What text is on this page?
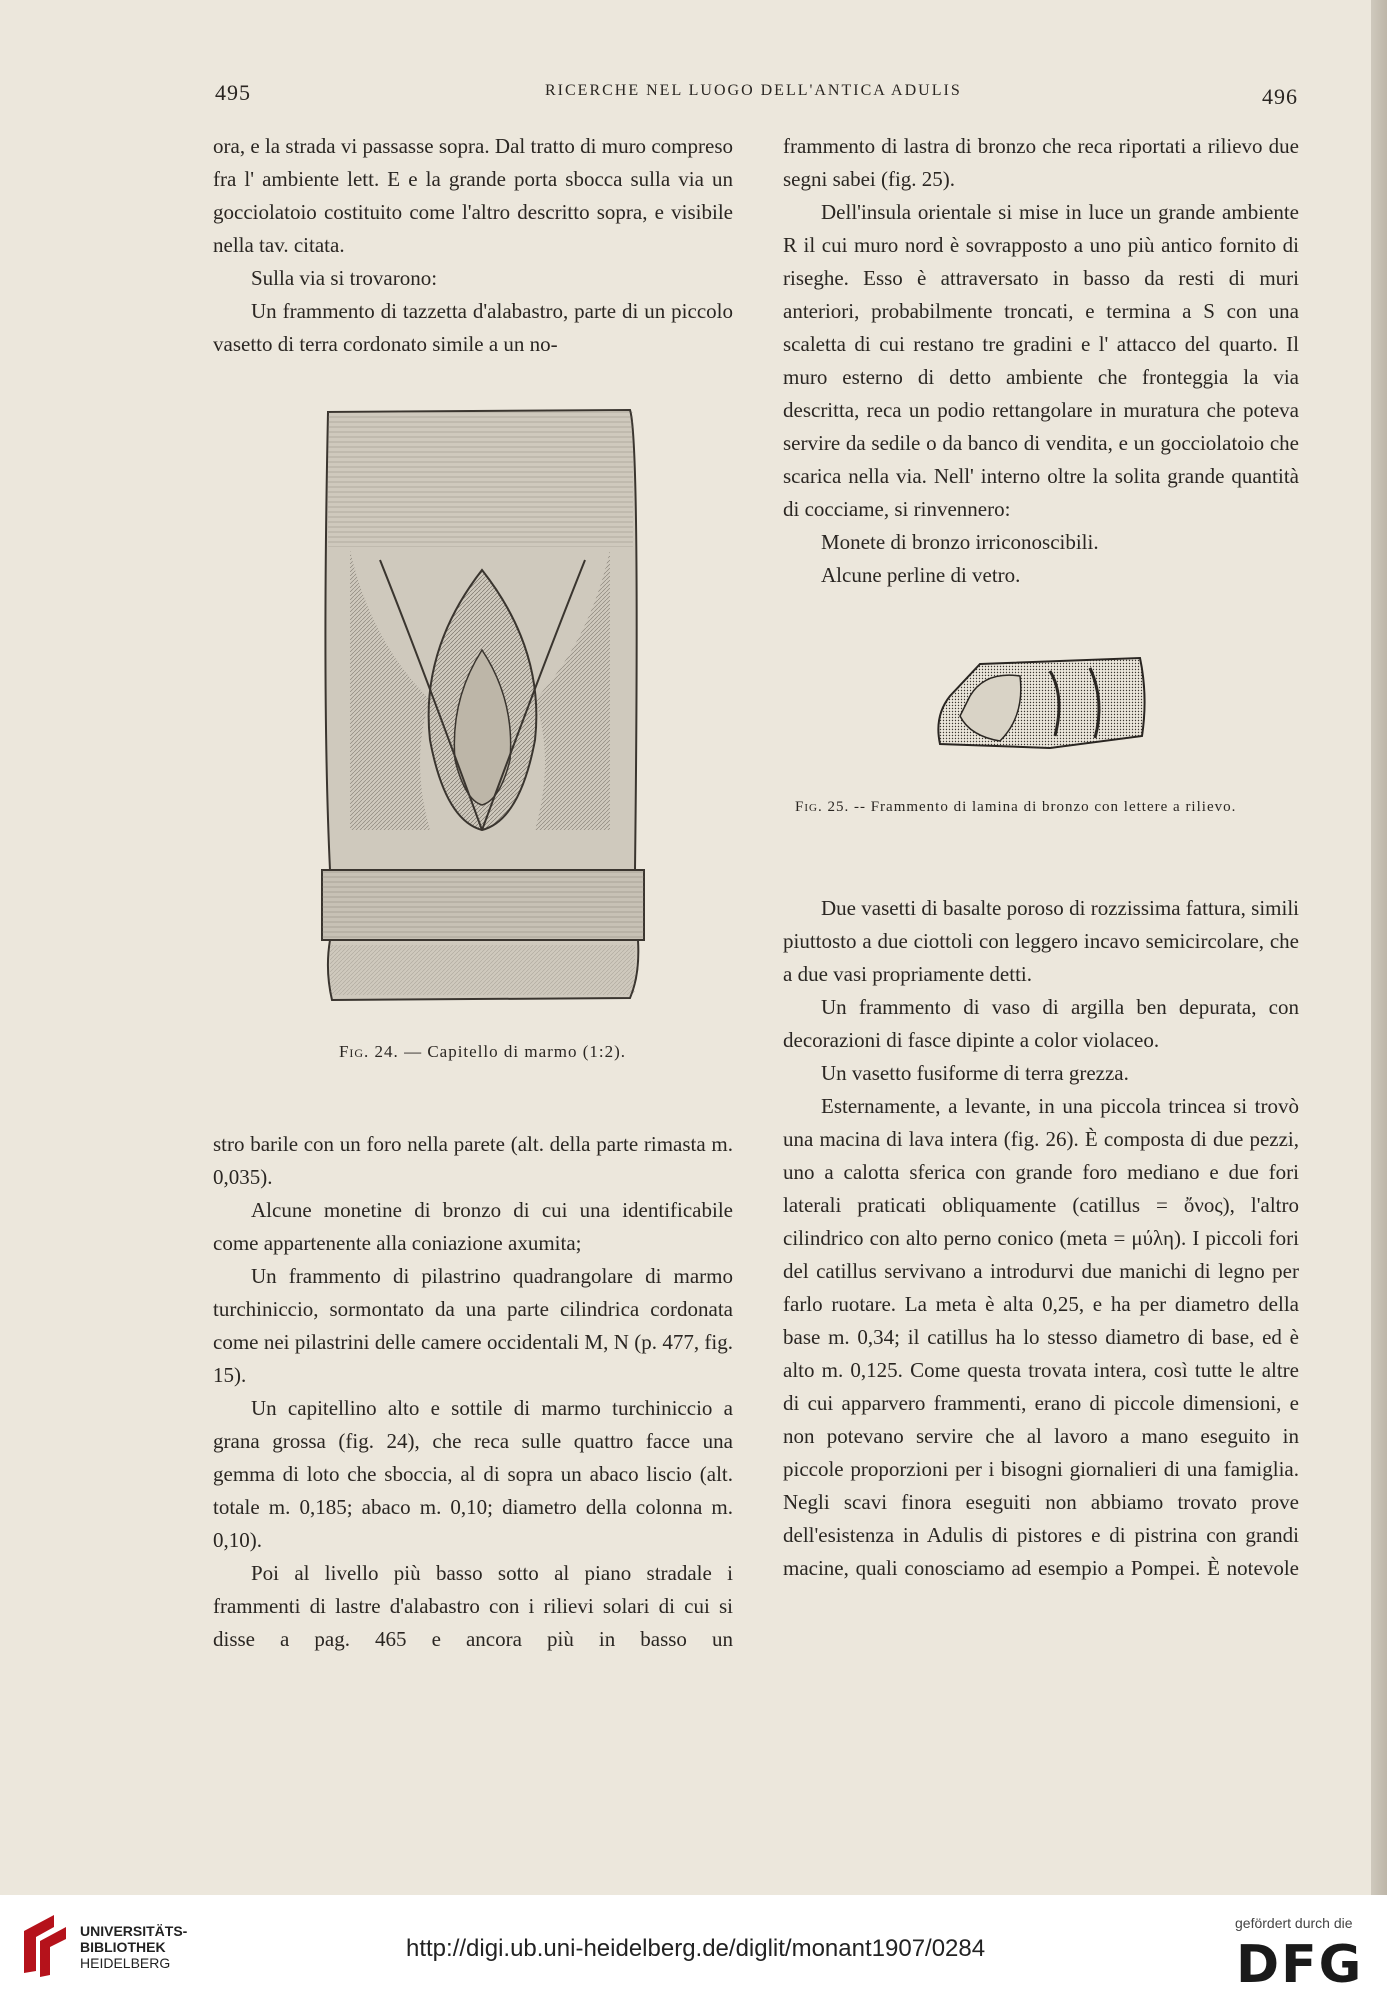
495	RICERCHE NEL LUOGO DELL'ANTICA ADULIS	496

ora, e la strada vi passasse sopra. Dal tratto di muro compreso fra l' ambiente lett. E e la grande porta sbocca sulla via un gocciolatoio costituito come l'altro descritto sopra, e visibile nella tav. citata.

Sulla via si trovarono:

Un frammento di tazzetta d'alabastro, parte di un piccolo vasetto di terra cordonato simile a un no-

Fig. 24. — Capitello di marmo (1:2).

stro barile con un foro nella parete (alt. della parte rimasta m. 0,035).

Alcune monetine di bronzo di cui una identificabile come appartenente alla coniazione axumita;

Un frammento di pilastrino quadrangolare di marmo turchiniccio, sormontato da una parte cilindrica cordonata come nei pilastrini delle camere occidentali M, N (p. 477, fig. 15).

Un capitellino alto e sottile di marmo turchiniccio a grana grossa (fig. 24), che reca sulle quattro facce una gemma di loto che sboccia, al di sopra un abaco liscio (alt. totale m. 0,185; abaco m. 0,10; diametro della colonna m. 0,10).

Poi al livello più basso sotto al piano stradale i frammenti di lastre d'alabastro con i rilievi solari di cui si disse a pag. 465 e ancora più in basso un

frammento di lastra di bronzo che reca riportati a rilievo due segni sabei (fig. 25).

Dell'insula orientale si mise in luce un grande ambiente R il cui muro nord è sovrapposto a uno più antico fornito di riseghe. Esso è attraversato in basso da resti di muri anteriori, probabilmente troncati, e termina a S con una scaletta di cui restano tre gradini e l' attacco del quarto. Il muro esterno di detto ambiente che fronteggia la via descritta, reca un podio rettangolare in muratura che poteva servire da sedile o da banco di vendita, e un gocciolatoio che scarica nella via. Nell' interno oltre la solita grande quantità di cocciame, si rinvennero:

Monete di bronzo irriconoscibili.

Alcune perline di vetro.

Fig. 25. -- Frammento di lamina di bronzo con lettere a rilievo.

Due vasetti di basalte poroso di rozzissima fattura, simili piuttosto a due ciottoli con leggero incavo semicircolare, che a due vasi propriamente detti.

Un frammento di vaso di argilla ben depurata, con decorazioni di fasce dipinte a color violaceo.

Un vasetto fusiforme di terra grezza.

Esternamente, a levante, in una piccola trincea si trovò una macina di lava intera (fig. 26). È composta di due pezzi, uno a calotta sferica con grande foro mediano e due fori laterali praticati obliquamente (catillus = ὄνος), l'altro cilindrico con alto perno conico (meta = μύλη). I piccoli fori del catillus servivano a introdurvi due manichi di legno per farlo ruotare. La meta è alta 0,25, e ha per diametro della base m. 0,34; il catillus ha lo stesso diametro di base, ed è alto m. 0,125. Come questa trovata intera, così tutte le altre di cui apparvero frammenti, erano di piccole dimensioni, e non potevano servire che al lavoro a mano eseguito in piccole proporzioni per i bisogni giornalieri di una famiglia. Negli scavi finora eseguiti non abbiamo trovato prove dell'esistenza in Adulis di pistores e di pistrina con grandi macine, quali conosciamo ad esempio a Pompei. È notevole

UNIVERSITÄTS-
BIBLIOTHEK
HEIDELBERG
http://digi.ub.uni-heidelberg.de/diglit/monant1907/0284
gefördert durch die
DFG
